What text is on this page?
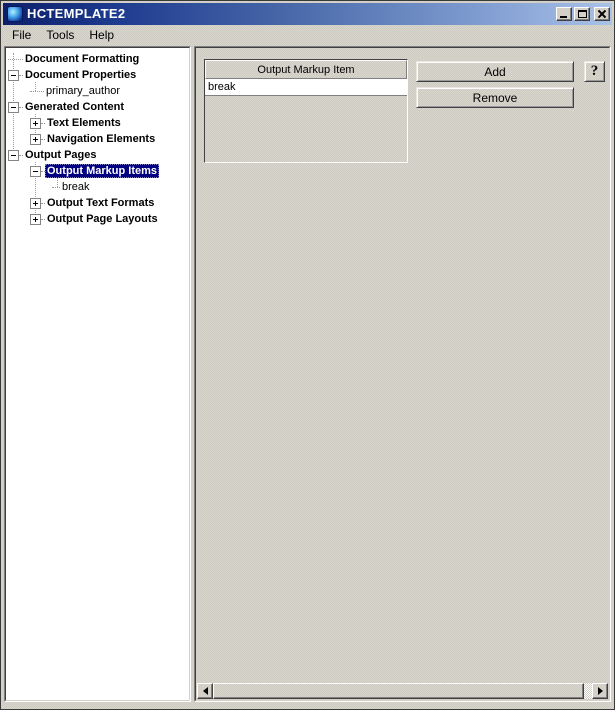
HCTEMPLATE2
File	Tools	Help
Document Formatting
Document Properties
primary_author
Generated Content
Text Elements
Navigation Elements
Output Pages
Output Markup Items
break
Output Text Formats
Output Page Layouts
Output Markup Item
break
Add
Remove
?
